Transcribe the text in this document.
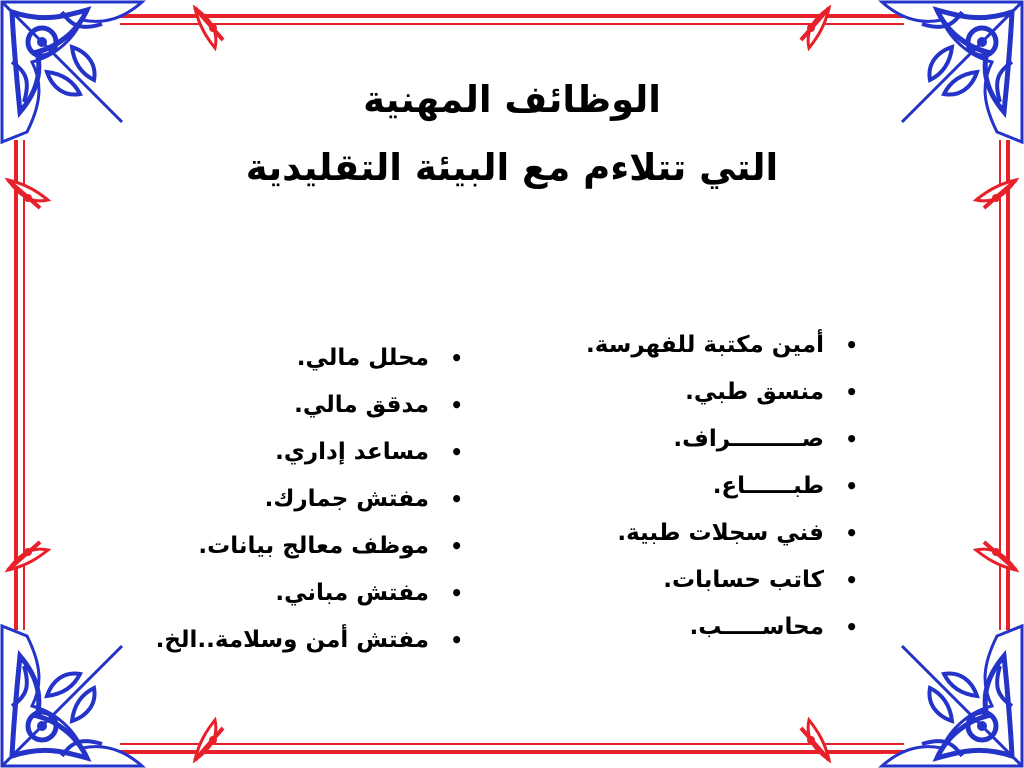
الوظائف المهنية
التي تتلاءم مع البيئة التقليدية
•
أمين مكتبة للفهرسة.
•
منسق طبي.
•
صـــــــــراف.
•
طبــــــاع.
•
فني سجلات طبية.
•
كاتب حسابات.
•
محاســـــب.
•
محلل مالي.
•
مدقق مالي.
•
مساعد إداري.
•
مفتش جمارك.
•
موظف معالج بيانات.
•
مفتش مباني.
•
مفتش أمن وسلامة..الخ.
